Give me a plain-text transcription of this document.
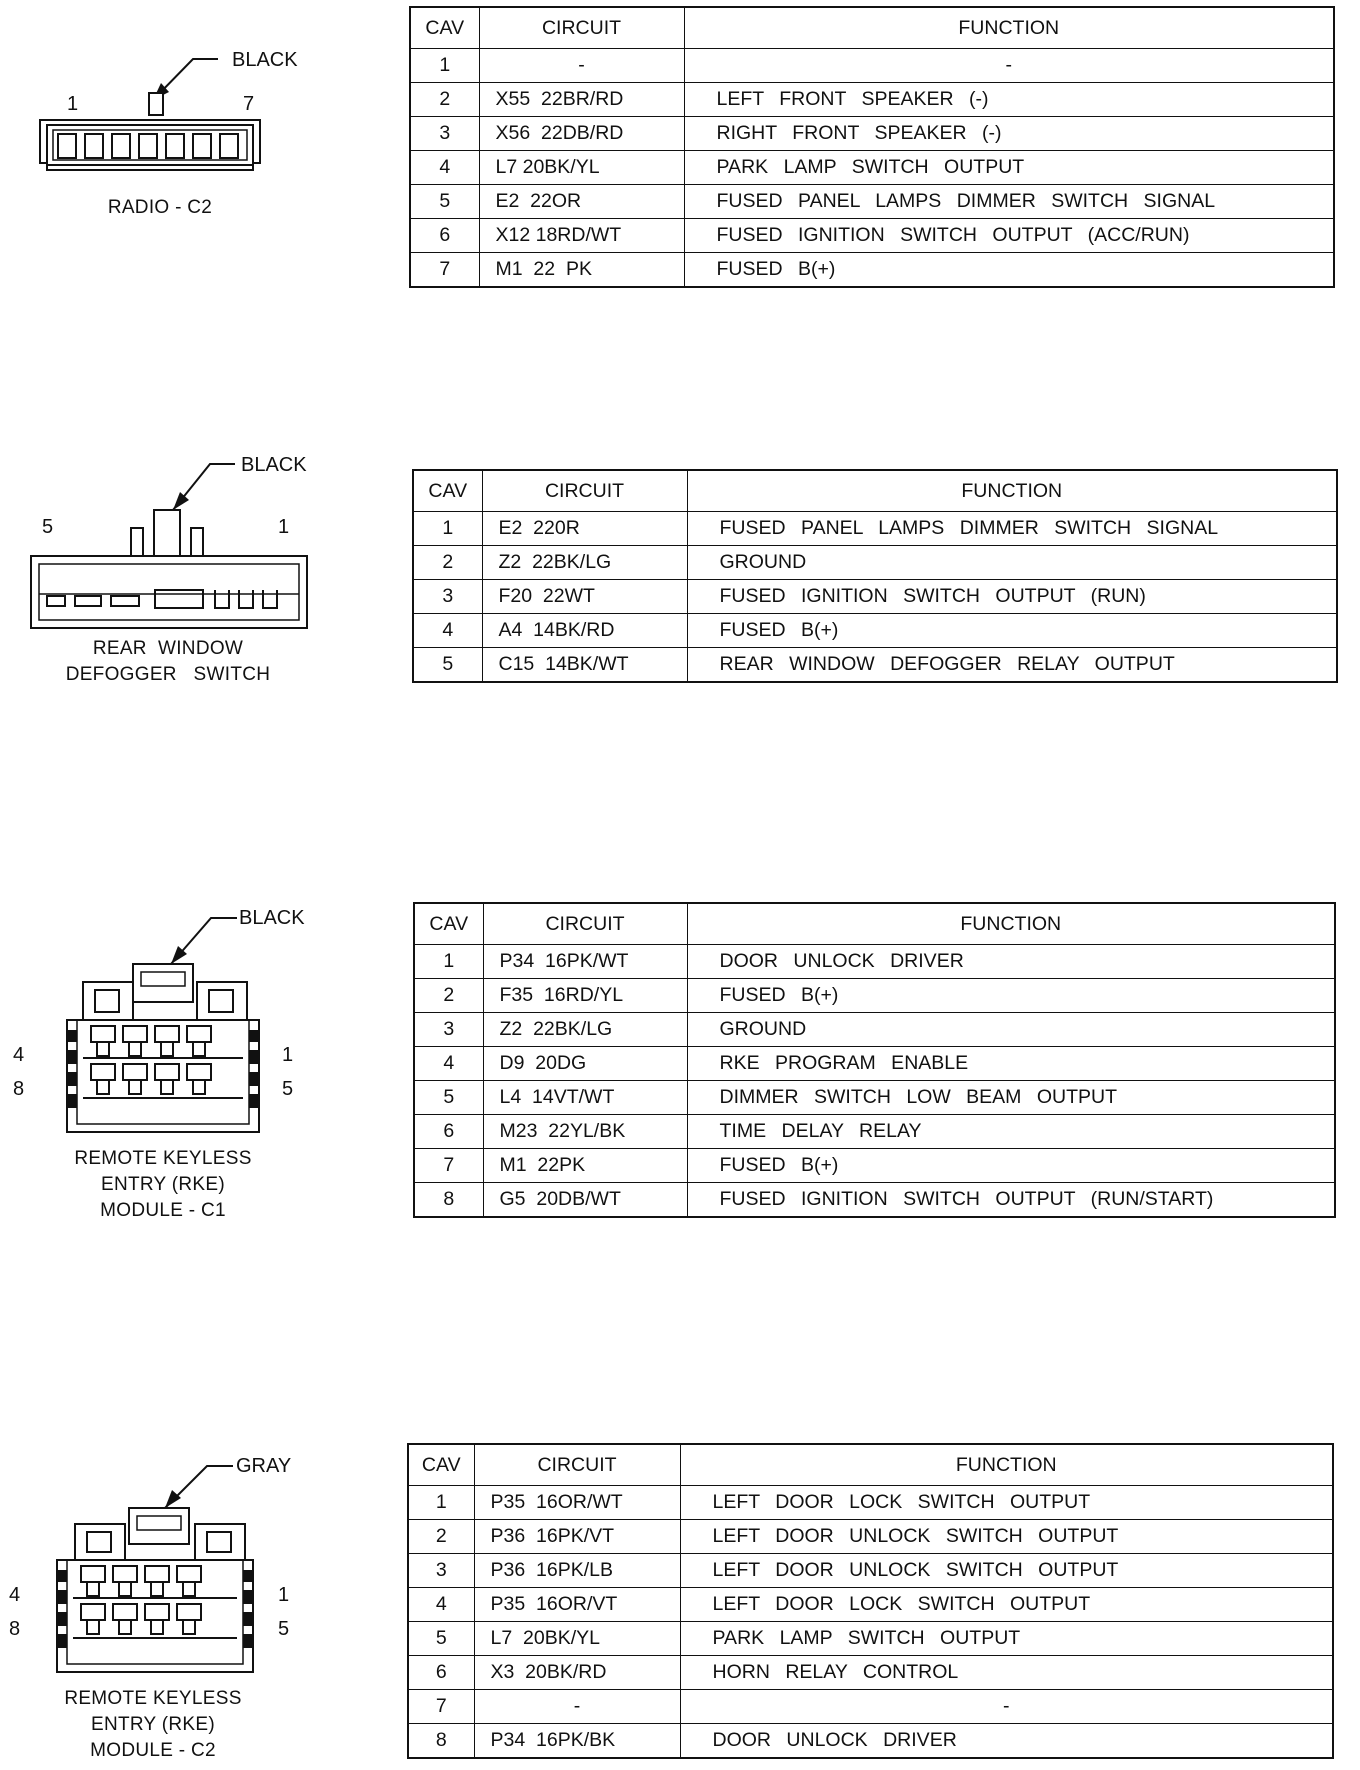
BLACK
1	7
RADIO - C2
CAV	CIRCUIT	FUNCTION
1	-	-
2	X55  22BR/RD	LEFT FRONT SPEAKER (-)
3	X56  22DB/RD	RIGHT FRONT SPEAKER (-)
4	L7 20BK/YL	PARK LAMP SWITCH OUTPUT
5	E2  22OR	FUSED PANEL LAMPS DIMMER SWITCH SIGNAL
6	X12 18RD/WT	FUSED IGNITION SWITCH OUTPUT (ACC/RUN)
7	M1  22  PK	FUSED B(+)
BLACK
5	1
REAR  WINDOW
DEFOGGER   SWITCH
CAV	CIRCUIT	FUNCTION
1	E2  220R	FUSED PANEL LAMPS DIMMER SWITCH SIGNAL
2	Z2  22BK/LG	GROUND
3	F20  22WT	FUSED IGNITION SWITCH OUTPUT (RUN)
4	A4  14BK/RD	FUSED B(+)
5	C15  14BK/WT	REAR WINDOW DEFOGGER RELAY OUTPUT
BLACK
4
8
1
5
REMOTE KEYLESS
ENTRY (RKE)
MODULE - C1
CAV	CIRCUIT	FUNCTION
1	P34  16PK/WT	DOOR UNLOCK DRIVER
2	F35  16RD/YL	FUSED B(+)
3	Z2  22BK/LG	GROUND
4	D9  20DG	RKE PROGRAM ENABLE
5	L4  14VT/WT	DIMMER SWITCH LOW BEAM OUTPUT
6	M23  22YL/BK	TIME DELAY RELAY
7	M1  22PK	FUSED B(+)
8	G5  20DB/WT	FUSED IGNITION SWITCH OUTPUT (RUN/START)
GRAY
4
8
1
5
REMOTE KEYLESS
ENTRY (RKE)
MODULE - C2
CAV	CIRCUIT	FUNCTION
1	P35  16OR/WT	LEFT DOOR LOCK SWITCH OUTPUT
2	P36  16PK/VT	LEFT DOOR UNLOCK SWITCH OUTPUT
3	P36  16PK/LB	LEFT DOOR UNLOCK SWITCH OUTPUT
4	P35  16OR/VT	LEFT DOOR LOCK SWITCH OUTPUT
5	L7  20BK/YL	PARK LAMP SWITCH OUTPUT
6	X3  20BK/RD	HORN RELAY CONTROL
7	-	-
8	P34  16PK/BK	DOOR UNLOCK DRIVER
